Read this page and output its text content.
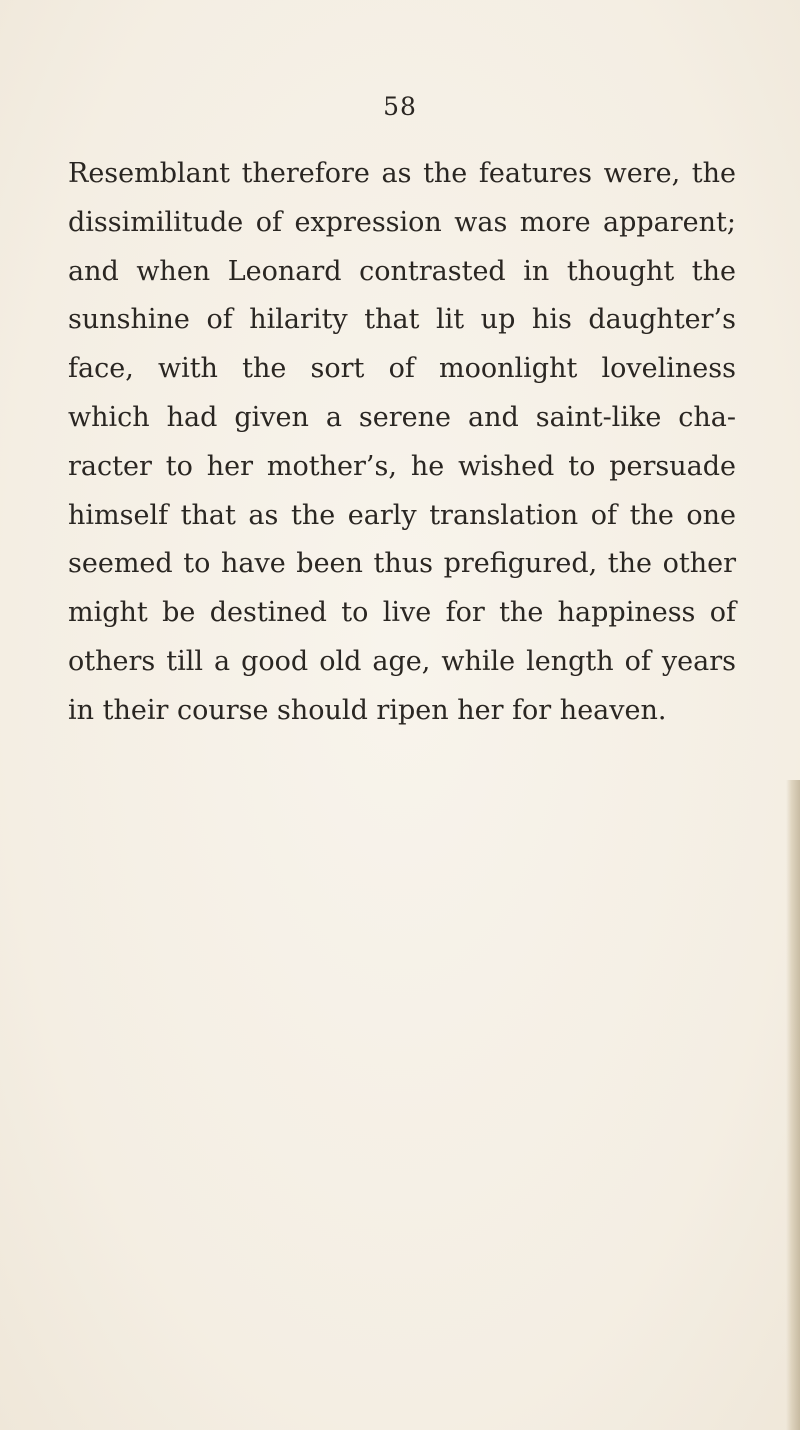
58
Resemblant therefore as the features were, the
dissimilitude of expression was more apparent;
and when Leonard contrasted in thought the
sunshine of hilarity that lit up his daughter’s
face, with the sort of moonlight loveliness
which had given a serene and saint-like cha-
racter to her mother’s, he wished to persuade
himself that as the early translation of the one
seemed to have been thus prefigured, the other
might be destined to live for the happiness of
others till a good old age, while length of years
in their course should ripen her for heaven.
